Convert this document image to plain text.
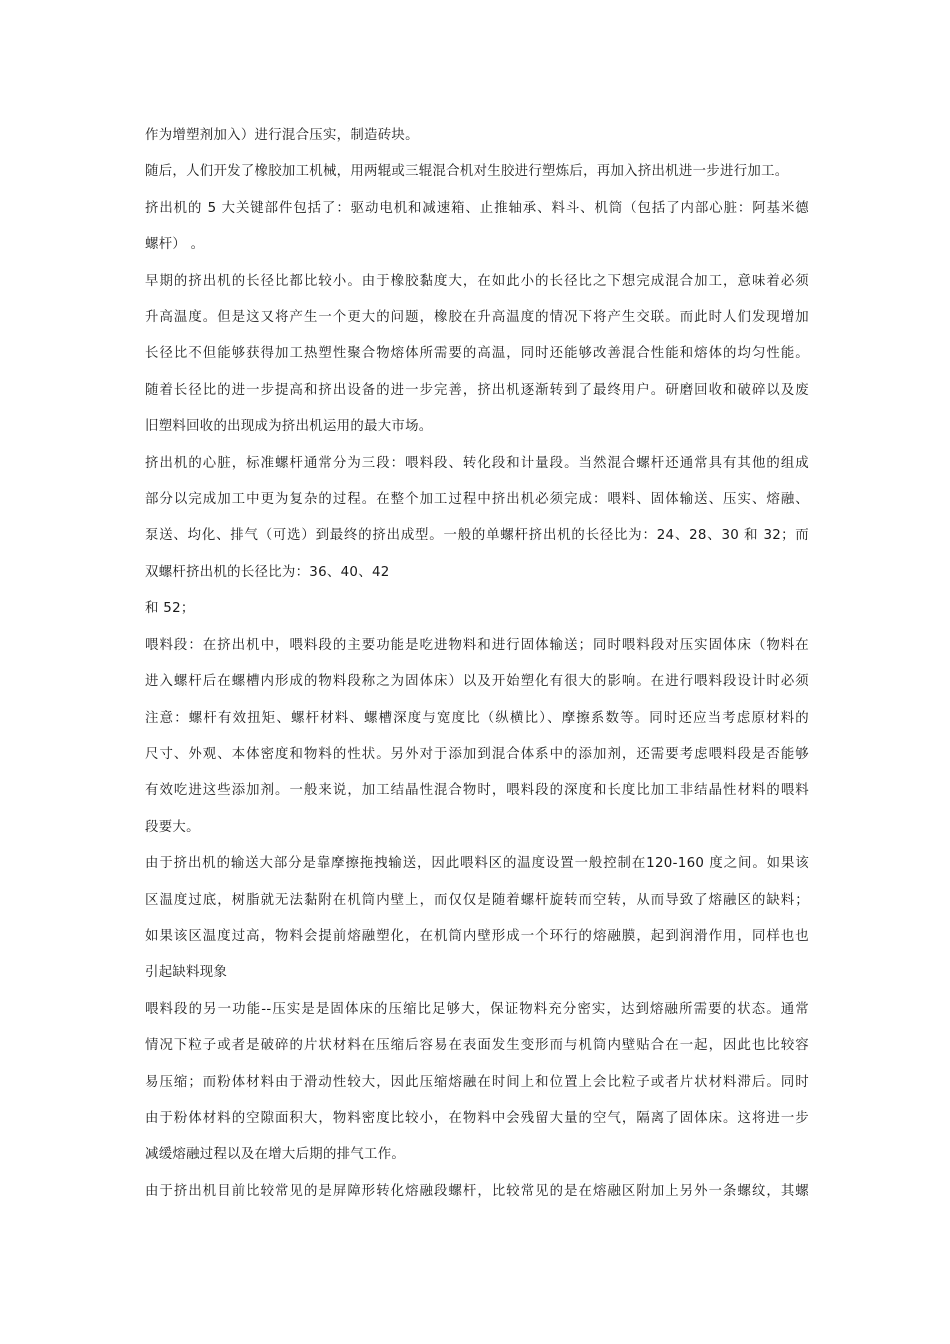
作为增塑剂加入）进行混合压实，制造砖块。

随后，人们开发了橡胶加工机械，用两辊或三辊混合机对生胶进行塑炼后，再加入挤出机进一步进行加工。

挤出机的 5 大关键部件包括了：驱动电机和减速箱、止推轴承、料斗、机筒（包括了内部心脏：阿基米德
螺杆） 。

早期的挤出机的长径比都比较小。由于橡胶黏度大，在如此小的长径比之下想完成混合加工，意味着必须
升高温度。但是这又将产生一个更大的问题，橡胶在升高温度的情况下将产生交联。而此时人们发现增加
长径比不但能够获得加工热塑性聚合物熔体所需要的高温，同时还能够改善混合性能和熔体的均匀性能。

随着长径比的进一步提高和挤出设备的进一步完善，挤出机逐渐转到了最终用户。研磨回收和破碎以及废
旧塑料回收的出现成为挤出机运用的最大市场。

挤出机的心脏，标准螺杆通常分为三段：喂料段、转化段和计量段。当然混合螺杆还通常具有其他的组成
部分以完成加工中更为复杂的过程。在整个加工过程中挤出机必须完成：喂料、固体输送、压实、熔融、
泵送、均化、排气（可选）到最终的挤出成型。一般的单螺杆挤出机的长径比为：24、28、30 和 32；而
双螺杆挤出机的长径比为：36、40、42

和 52；

喂料段：在挤出机中，喂料段的主要功能是吃进物料和进行固体输送；同时喂料段对压实固体床（物料在
进入螺杆后在螺槽内形成的物料段称之为固体床）以及开始塑化有很大的影响。在进行喂料段设计时必须
注意：螺杆有效扭矩、螺杆材料、螺槽深度与宽度比（纵横比）、摩擦系数等。同时还应当考虑原材料的
尺寸、外观、本体密度和物料的性状。另外对于添加到混合体系中的添加剂，还需要考虑喂料段是否能够
有效吃进这些添加剂。一般来说，加工结晶性混合物时，喂料段的深度和长度比加工非结晶性材料的喂料
段要大。

由于挤出机的输送大部分是靠摩擦拖拽输送，因此喂料区的温度设置一般控制在120-160 度之间。如果该
区温度过底，树脂就无法黏附在机筒内壁上，而仅仅是随着螺杆旋转而空转，从而导致了熔融区的缺料；
如果该区温度过高，物料会提前熔融塑化，在机筒内壁形成一个环行的熔融膜，起到润滑作用，同样也也
引起缺料现象

喂料段的另一功能--压实是是固体床的压缩比足够大，保证物料充分密实，达到熔融所需要的状态。通常
情况下粒子或者是破碎的片状材料在压缩后容易在表面发生变形而与机筒内壁贴合在一起，因此也比较容
易压缩；而粉体材料由于滑动性较大，因此压缩熔融在时间上和位置上会比粒子或者片状材料滞后。同时
由于粉体材料的空隙面积大，物料密度比较小，在物料中会残留大量的空气，隔离了固体床。这将进一步
减缓熔融过程以及在增大后期的排气工作。

由于挤出机目前比较常见的是屏障形转化熔融段螺杆，比较常见的是在熔融区附加上另外一条螺纹，其螺
